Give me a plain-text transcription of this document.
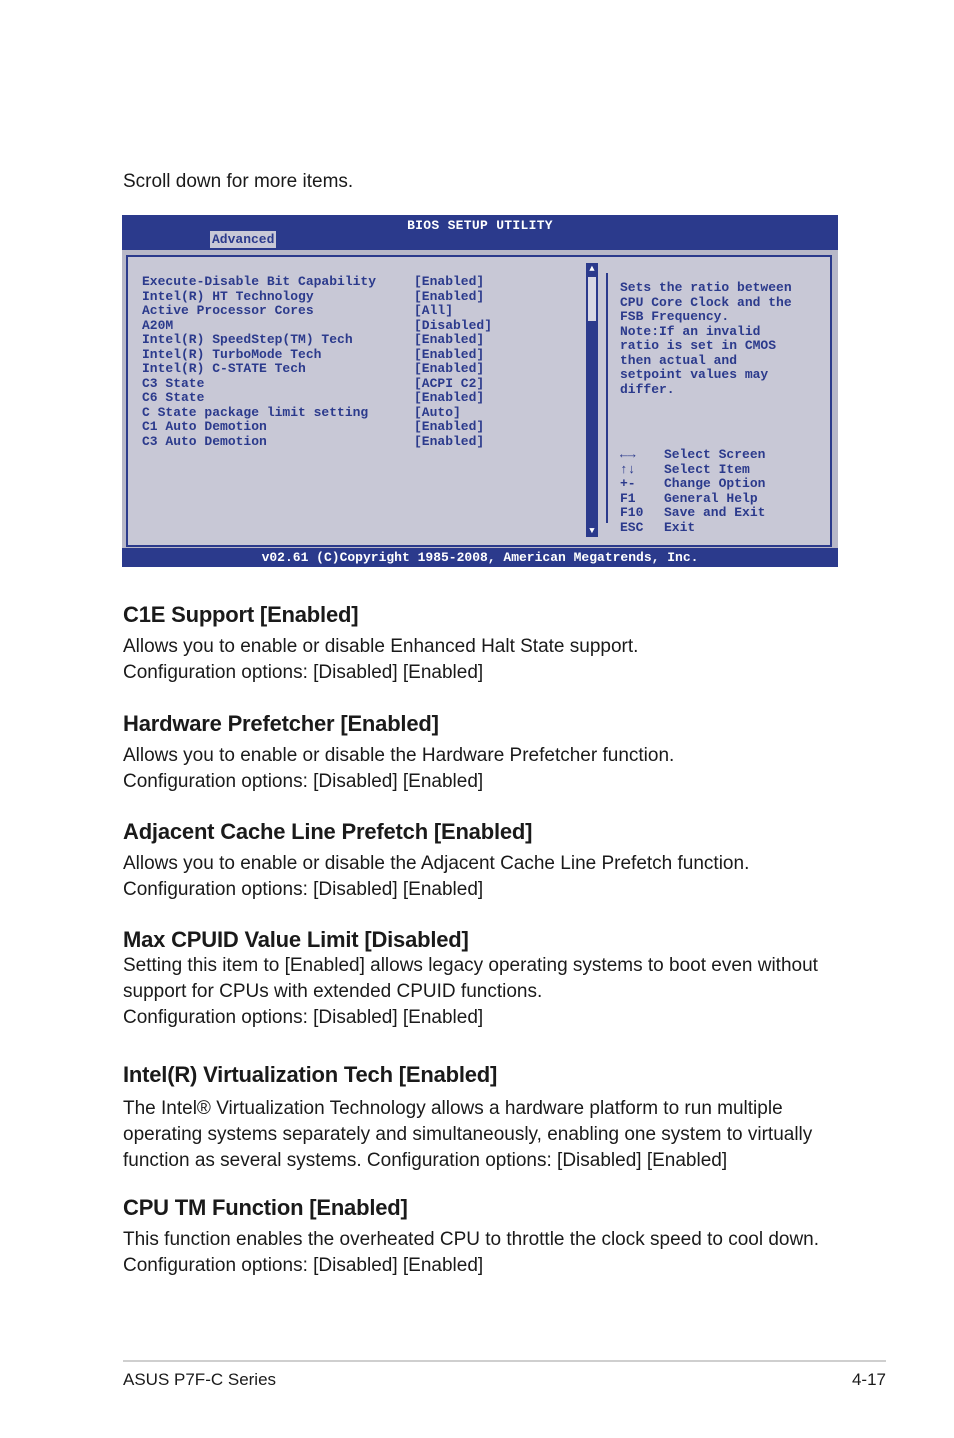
Scroll down for more items.
BIOS SETUP UTILITY
Advanced
Execute-Disable Bit Capability	[Enabled]
Intel(R) HT Technology	[Enabled]
Active Processor Cores	[All]
A20M	[Disabled]
Intel(R) SpeedStep(TM) Tech	[Enabled]
Intel(R) TurboMode Tech	[Enabled]
Intel(R) C-STATE Tech	[Enabled]
C3 State	[ACPI C2]
C6 State	[Enabled]
C State package limit setting	[Auto]
C1 Auto Demotion	[Enabled]
C3 Auto Demotion	[Enabled]
▲
▼
Sets the ratio between
CPU Core Clock and the
FSB Frequency.
Note:If an invalid
ratio is set in CMOS
then actual and
setpoint values may
differ.
←→ Select Screen
↑↓ Select Item
+- Change Option
F1 General Help
F10 Save and Exit
ESC Exit
v02.61 (C)Copyright 1985-2008, American Megatrends, Inc.
C1E Support [Enabled]

Allows you to enable or disable Enhanced Halt State support.

Configuration options: [Disabled] [Enabled]

Hardware Prefetcher [Enabled]

Allows you to enable or disable the Hardware Prefetcher function.

Configuration options: [Disabled] [Enabled]

Adjacent Cache Line Prefetch [Enabled]

Allows you to enable or disable the Adjacent Cache Line Prefetch function.

Configuration options: [Disabled] [Enabled]

Max CPUID Value Limit [Disabled]

Setting this item to [Enabled] allows legacy operating systems to boot even without

support for CPUs with extended CPUID functions.

Configuration options: [Disabled] [Enabled]

Intel(R) Virtualization Tech [Enabled]

The Intel® Virtualization Technology allows a hardware platform to run multiple

operating systems separately and simultaneously, enabling one system to virtually

function as several systems. Configuration options: [Disabled] [Enabled]

CPU TM Function [Enabled]

This function enables the overheated CPU to throttle the clock speed to cool down.

Configuration options: [Disabled] [Enabled]

ASUS P7F-C Series	4-17
